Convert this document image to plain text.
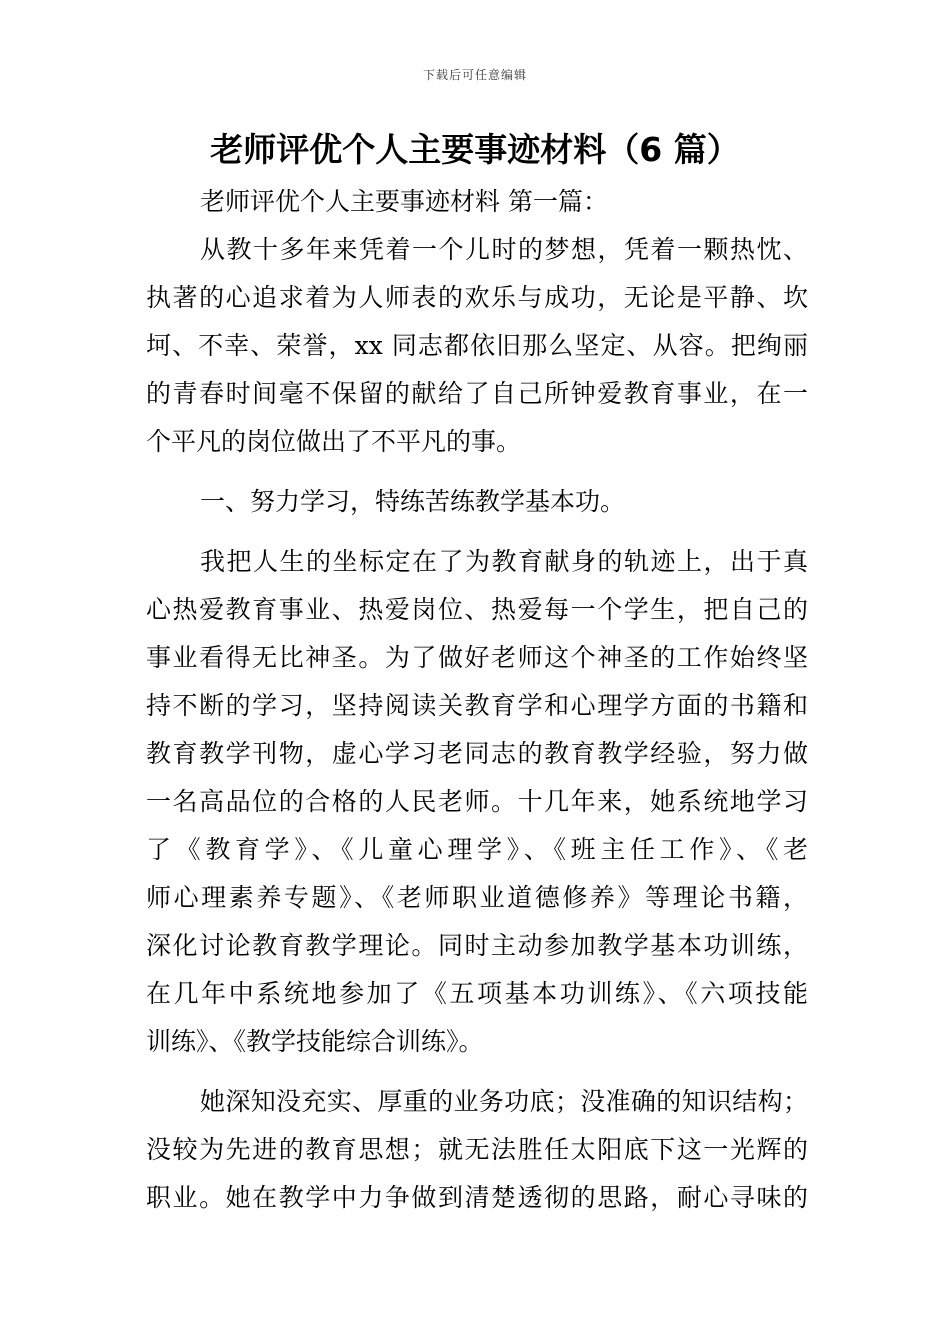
下载后可任意编辑
老师评优个人主要事迹材料（6 篇）
老师评优个人主要事迹材料 第一篇：
从教十多年来凭着一个儿时的梦想，凭着一颗热忱、
执著的心追求着为人师表的欢乐与成功，无论是平静、坎
坷、不幸、荣誉，xx 同志都依旧那么坚定、从容。把绚丽
的青春时间毫不保留的献给了自己所钟爱教育事业，在一
个平凡的岗位做出了不平凡的事。
一、努力学习，特练苦练教学基本功。
我把人生的坐标定在了为教育献身的轨迹上，出于真
心热爱教育事业、热爱岗位、热爱每一个学生，把自己的
事业看得无比神圣。为了做好老师这个神圣的工作始终坚
持不断的学习，坚持阅读关教育学和心理学方面的书籍和
教育教学刊物，虚心学习老同志的教育教学经验，努力做
一名高品位的合格的人民老师。十几年来，她系统地学习
了《教育学》、《儿童心理学》、《班主任工作》、《老
师心理素养专题》、《老师职业道德修养》等理论书籍，
深化讨论教育教学理论。同时主动参加教学基本功训练，
在几年中系统地参加了《五项基本功训练》、《六项技能
训练》、《教学技能综合训练》。
她深知没充实、厚重的业务功底；没准确的知识结构；
没较为先进的教育思想；就无法胜任太阳底下这一光辉的
职业。她在教学中力争做到清楚透彻的思路，耐心寻味的
